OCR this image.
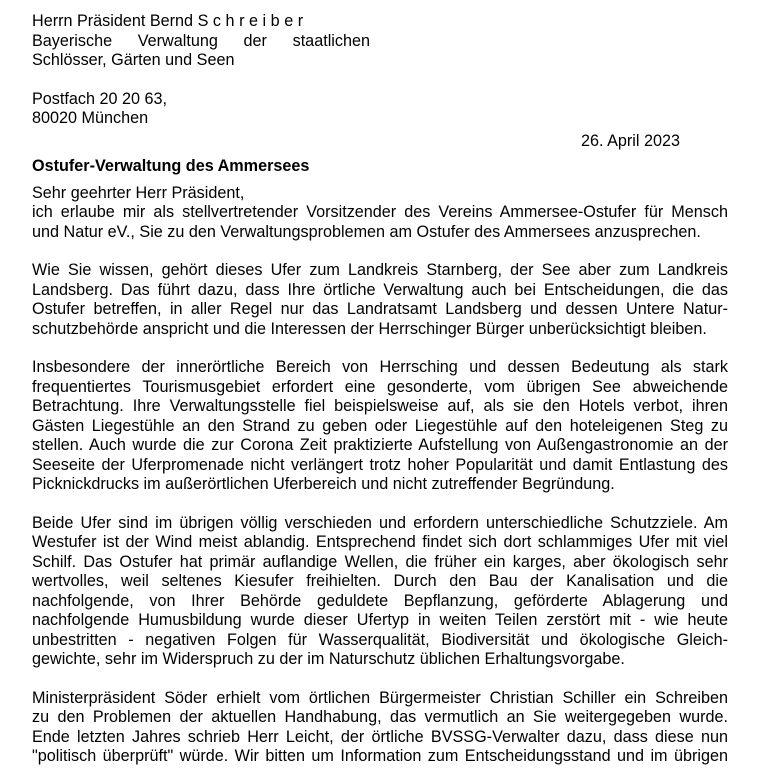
Herrn Präsident Bernd Schreiber
Bayerische Verwaltung der staatlichen
Schlösser, Gärten und Seen
Postfach 20 20 63,
80020 München
26. April 2023
Ostufer-Verwaltung des Ammersees
Sehr geehrter Herr Präsident,
ich erlaube mir als stellvertretender Vorsitzender des Vereins Ammersee-Ostufer für Mensch
und Natur eV., Sie zu den Verwaltungsproblemen am Ostufer des Ammersees anzusprechen.
Wie Sie wissen, gehört dieses Ufer zum Landkreis Starnberg, der See aber zum Landkreis
Landsberg. Das führt dazu, dass Ihre örtliche Verwaltung auch bei Entscheidungen, die das
Ostufer betreffen, in aller Regel nur das Landratsamt Landsberg und dessen Untere Natur-
schutzbehörde anspricht und die Interessen der Herrschinger Bürger unberücksichtigt bleiben.
Insbesondere der innerörtliche Bereich von Herrsching und dessen Bedeutung als stark
frequentiertes Tourismusgebiet erfordert eine gesonderte, vom übrigen See abweichende
Betrachtung. Ihre Verwaltungsstelle fiel beispielsweise auf, als sie den Hotels verbot, ihren
Gästen Liegestühle an den Strand zu geben oder Liegestühle auf den hoteleigenen Steg zu
stellen. Auch wurde die zur Corona Zeit praktizierte Aufstellung von Außengastronomie an der
Seeseite der Uferpromenade nicht verlängert trotz hoher Popularität und damit Entlastung des
Picknickdrucks im außerörtlichen Uferbereich und nicht zutreffender Begründung.
Beide Ufer sind im übrigen völlig verschieden und erfordern unterschiedliche Schutzziele. Am
Westufer ist der Wind meist ablandig. Entsprechend findet sich dort schlammiges Ufer mit viel
Schilf. Das Ostufer hat primär auflandige Wellen, die früher ein karges, aber ökologisch sehr
wertvolles, weil seltenes Kiesufer freihielten. Durch den Bau der Kanalisation und die
nachfolgende, von Ihrer Behörde geduldete Bepflanzung, geförderte Ablagerung und
nachfolgende Humusbildung wurde dieser Ufertyp in weiten Teilen zerstört mit - wie heute
unbestritten - negativen Folgen für Wasserqualität, Biodiversität und ökologische Gleich-
gewichte, sehr im Widerspruch zu der im Naturschutz üblichen Erhaltungsvorgabe.
Ministerpräsident Söder erhielt vom örtlichen Bürgermeister Christian Schiller ein Schreiben
zu den Problemen der aktuellen Handhabung, das vermutlich an Sie weitergegeben wurde.
Ende letzten Jahres schrieb Herr Leicht, der örtliche BVSSG-Verwalter dazu, dass diese nun
"politisch überprüft" würde. Wir bitten um Information zum Entscheidungsstand und im übrigen
